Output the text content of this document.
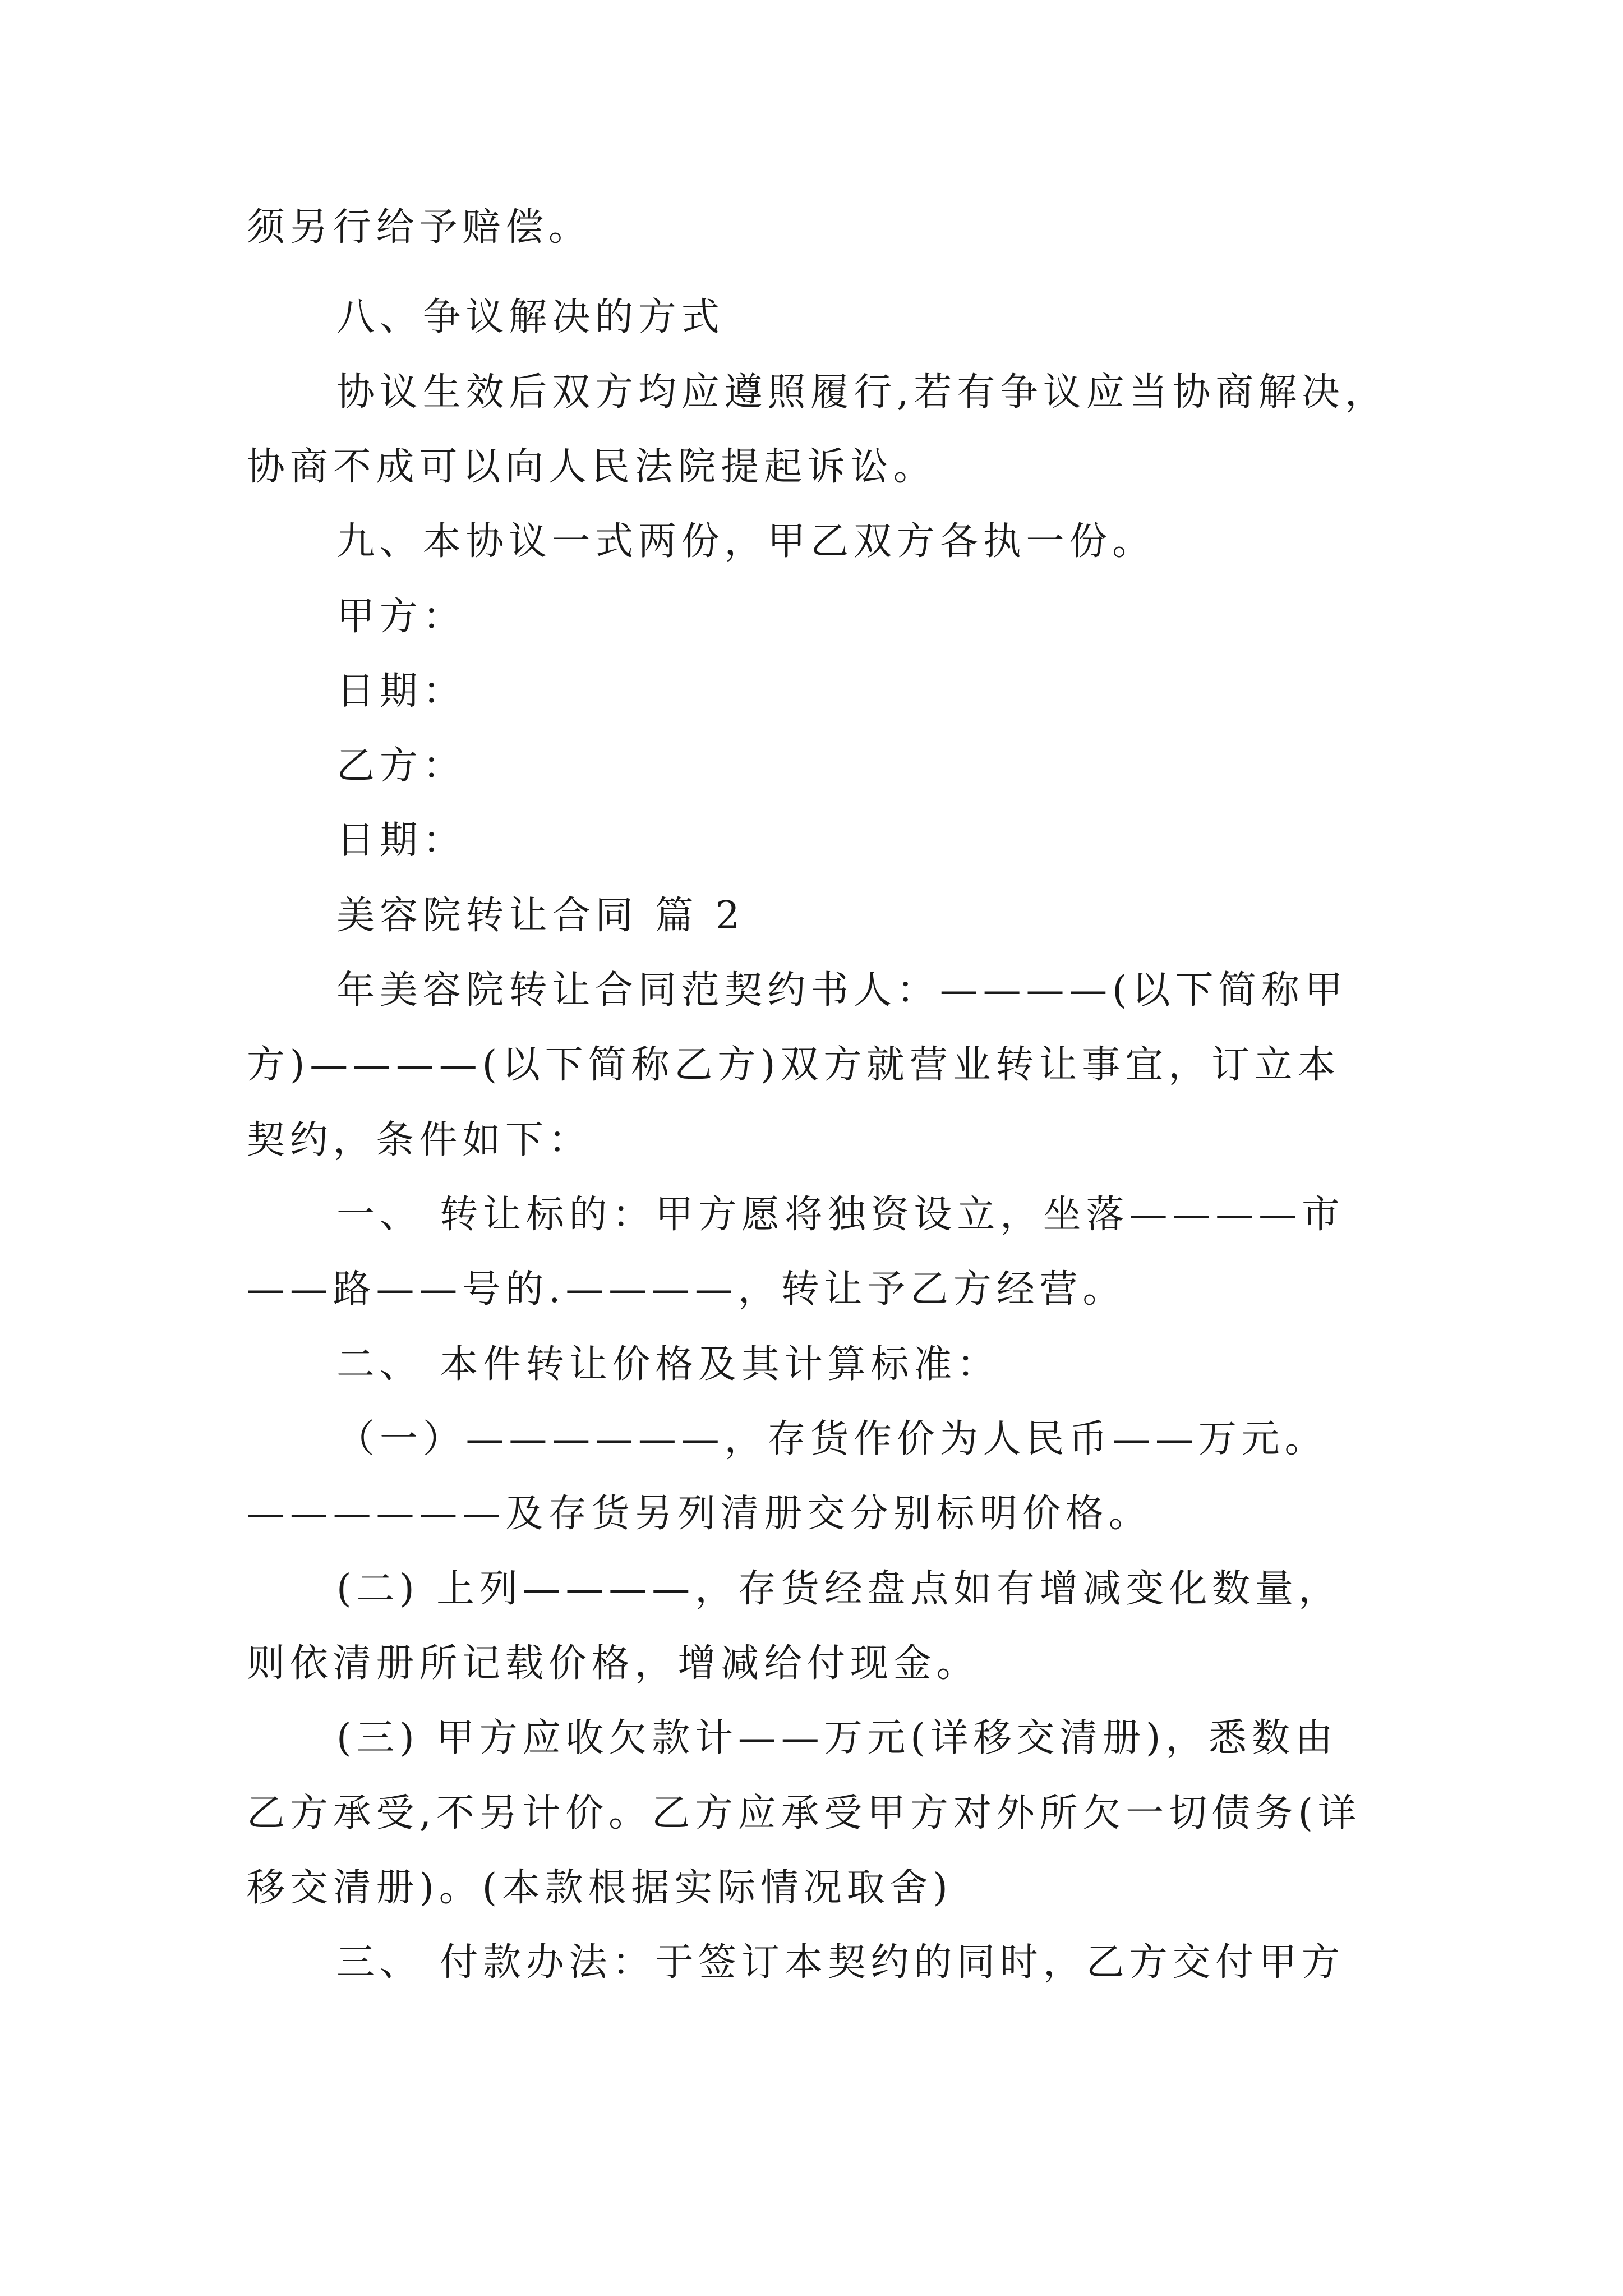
须另行给予赔偿。
八、争议解决的方式
协议生效后双方均应遵照履行,若有争议应当协商解决，
协商不成可以向人民法院提起诉讼。
九、本协议一式两份，甲乙双方各执一份。
甲方：
日期：
乙方：
日期：
美容院转让合同 篇 2
年美容院转让合同范契约书人：————(以下简称甲
方)————(以下简称乙方)双方就营业转让事宜，订立本
契约，条件如下：
一、 转让标的：甲方愿将独资设立，坐落————市
——路——号的.————，转让予乙方经营。
二、 本件转让价格及其计算标准：
（一）——————，存货作价为人民币——万元。
——————及存货另列清册交分别标明价格。
(二) 上列————，存货经盘点如有增减变化数量，
则依清册所记载价格，增减给付现金。
(三) 甲方应收欠款计——万元(详移交清册)，悉数由
乙方承受,不另计价。乙方应承受甲方对外所欠一切债务(详
移交清册)。(本款根据实际情况取舍)
三、 付款办法：于签订本契约的同时，乙方交付甲方
